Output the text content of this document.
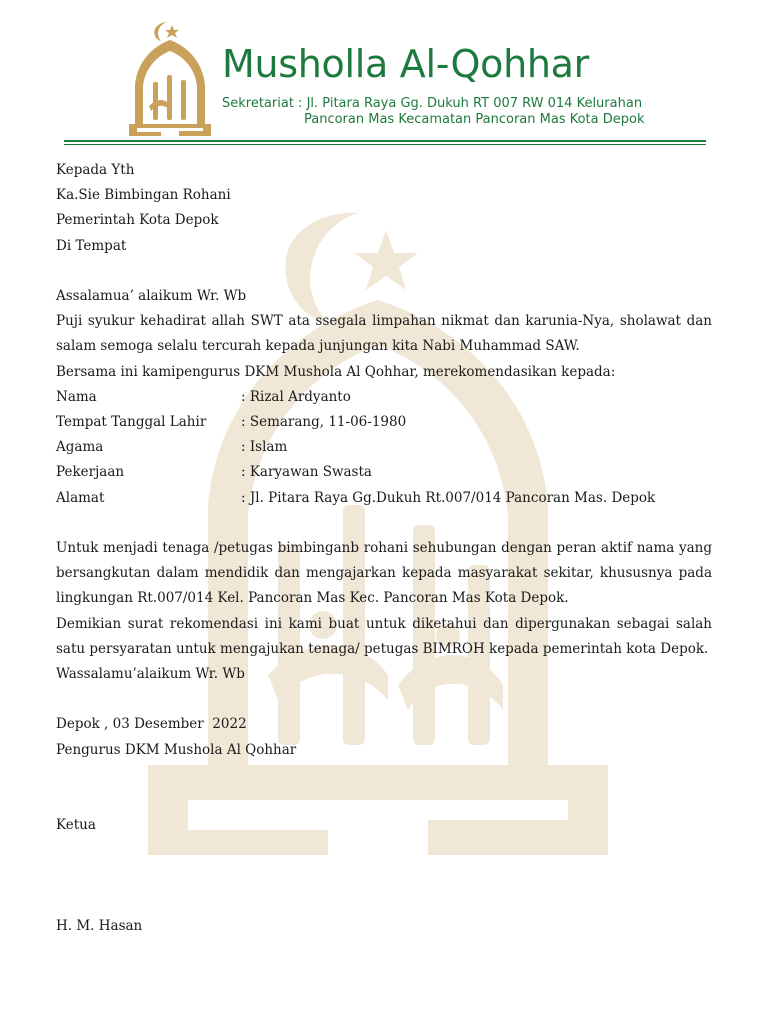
Musholla Al-Qohhar
Sekretariat : Jl. Pitara Raya Gg. Dukuh RT 007 RW 014 Kelurahan
Pancoran Mas Kecamatan Pancoran Mas Kota Depok
Kepada Yth
Ka.Sie Bimbingan Rohani
Pemerintah Kota Depok
Di Tempat
Assalamua’ alaikum Wr. Wb
Puji syukur kehadirat allah SWT ata ssegala limpahan nikmat dan karunia-Nya, sholawat dan salam semoga selalu tercurah kepada junjungan kita Nabi Muhammad SAW.
Bersama ini kamipengurus DKM Mushola Al Qohhar, merekomendasikan kepada:
Nama	: Rizal Ardyanto
Tempat Tanggal Lahir	: Semarang, 11-06-1980
Agama	: Islam
Pekerjaan	: Karyawan Swasta
Alamat	: Jl. Pitara Raya Gg.Dukuh Rt.007/014 Pancoran Mas. Depok
Untuk menjadi tenaga /petugas bimbinganb rohani sehubungan dengan peran aktif nama yang bersangkutan dalam mendidik dan mengajarkan kepada masyarakat sekitar, khususnya pada lingkungan Rt.007/014 Kel. Pancoran Mas Kec. Pancoran Mas Kota Depok.
Demikian surat rekomendasi ini kami buat untuk diketahui dan dipergunakan sebagai salah satu persyaratan untuk mengajukan tenaga/ petugas BIMROH kepada pemerintah kota Depok.
Wassalamu’alaikum Wr. Wb
Depok , 03 Desember  2022
Pengurus DKM Mushola Al Qohhar
Ketua
H. M. Hasan
